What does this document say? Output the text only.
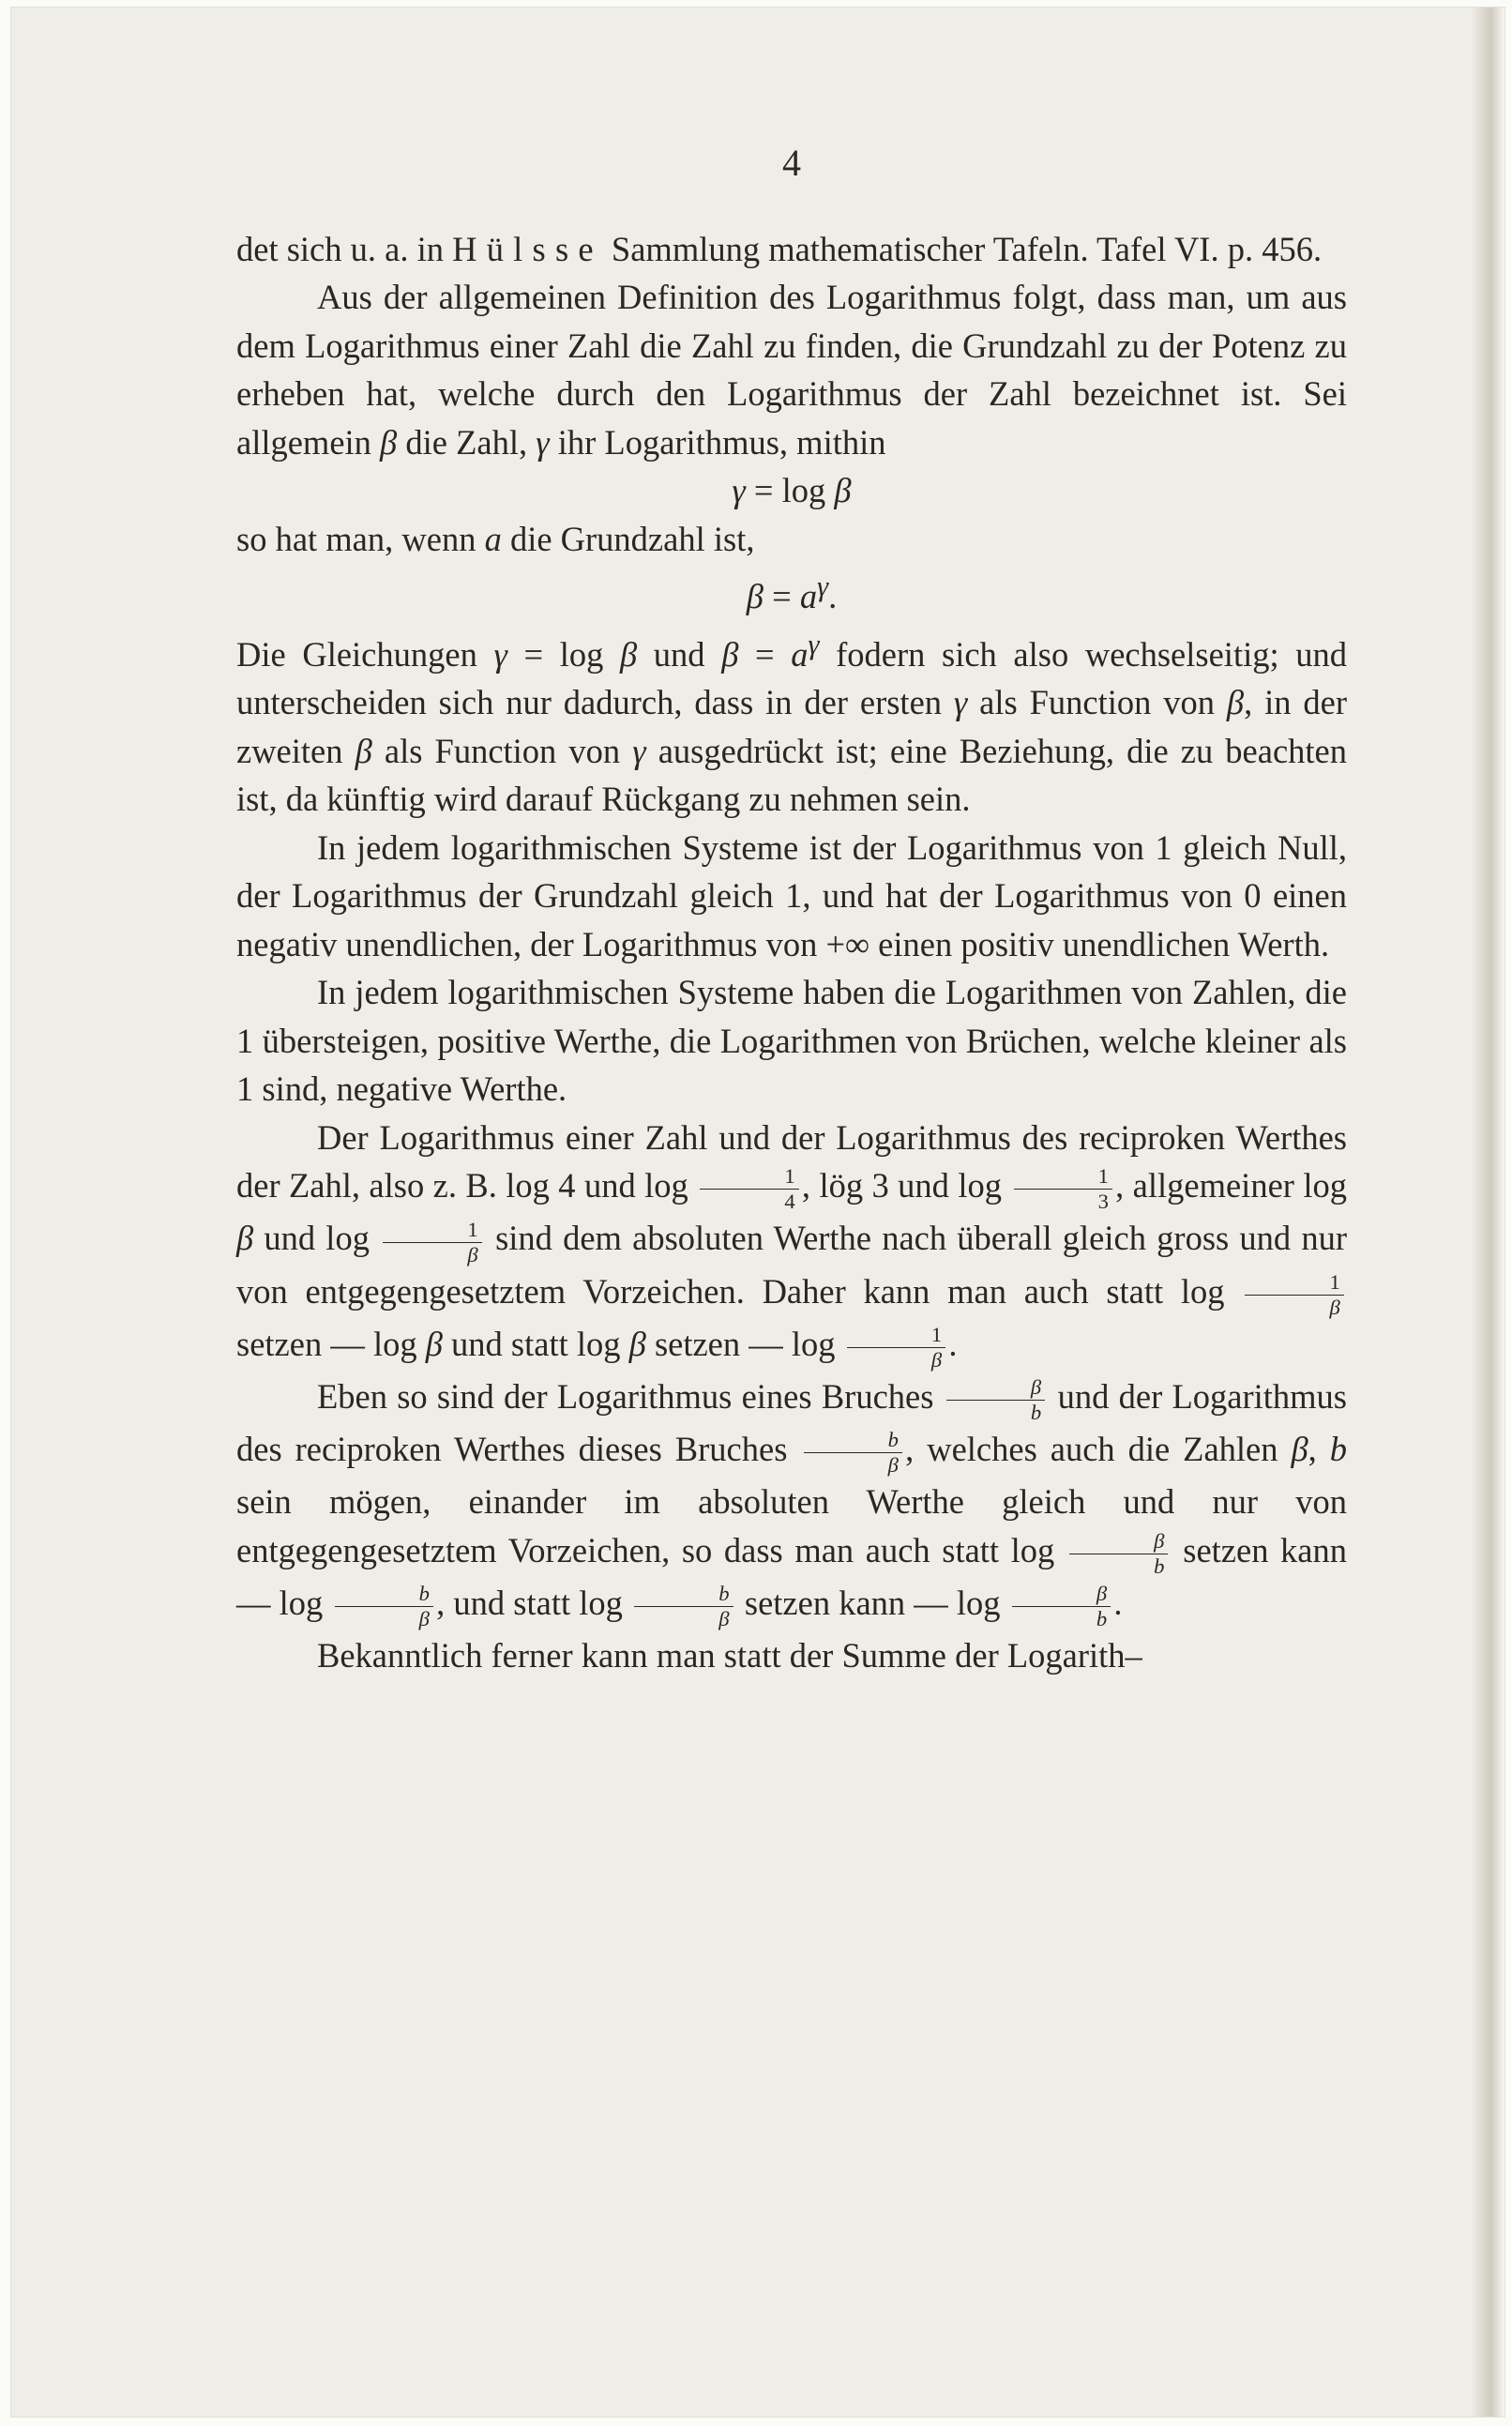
4

det sich u. a. in Hülsse Sammlung mathematischer Tafeln. Tafel VI. p. 456.

Aus der allgemeinen Definition des Logarithmus folgt, dass man, um aus dem Logarithmus einer Zahl die Zahl zu finden, die Grundzahl zu der Potenz zu erheben hat, welche durch den Logarithmus der Zahl bezeichnet ist. Sei allgemein β die Zahl, γ ihr Logarithmus, mithin

γ = log β

so hat man, wenn a die Grundzahl ist,

$\beta = a^\gamma$.

Die Gleichungen γ = log β und $\beta = a^\gamma$ fodern sich also wechselseitig; und unterscheiden sich nur dadurch, dass in der ersten γ als Function von β, in der zweiten β als Function von γ ausgedrückt ist; eine Beziehung, die zu beachten ist, da künftig wird darauf Rückgang zu nehmen sein.

In jedem logarithmischen Systeme ist der Logarithmus von 1 gleich Null, der Logarithmus der Grundzahl gleich 1, und hat der Logarithmus von 0 einen negativ unendlichen, der Logarithmus von +∞ einen positiv unendlichen Werth.

In jedem logarithmischen Systeme haben die Logarithmen von Zahlen, die 1 übersteigen, positive Werthe, die Logarithmen von Brüchen, welche kleiner als 1 sind, negative Werthe.

Der Logarithmus einer Zahl und der Logarithmus des reciproken Werthes der Zahl, also z. B. log 4 und $\log \frac{1}{4}$ , lög 3 und $\log \frac{1}{3}$ , allgemeiner log β und $\log \frac{1}{\beta}$ sind dem absoluten Werthe nach überall gleich gross und nur von entgegengesetztem Vorzeichen. Daher kann man auch statt $\log \frac{1}{\beta}$
setzen — log β und statt log β setzen — $\log \frac{1}{\beta}$ .

Eben so sind der Logarithmus eines Bruches $\frac{\beta}{b}$ und der Logarithmus des reciproken Werthes dieses Bruches $\frac{b}{\beta}$ , welches auch die Zahlen β, b sein mögen, einander im absoluten Werthe gleich und nur von entgegengesetztem Vorzeichen, so dass man auch statt $\log \frac{\beta}{b}$ setzen kann — $\log \frac{b}{\beta}$ , und statt $\log \frac{b}{\beta}$ setzen kann — $\log \frac{\beta}{b}$ .

Bekanntlich ferner kann man statt der Summe der Logarith–
